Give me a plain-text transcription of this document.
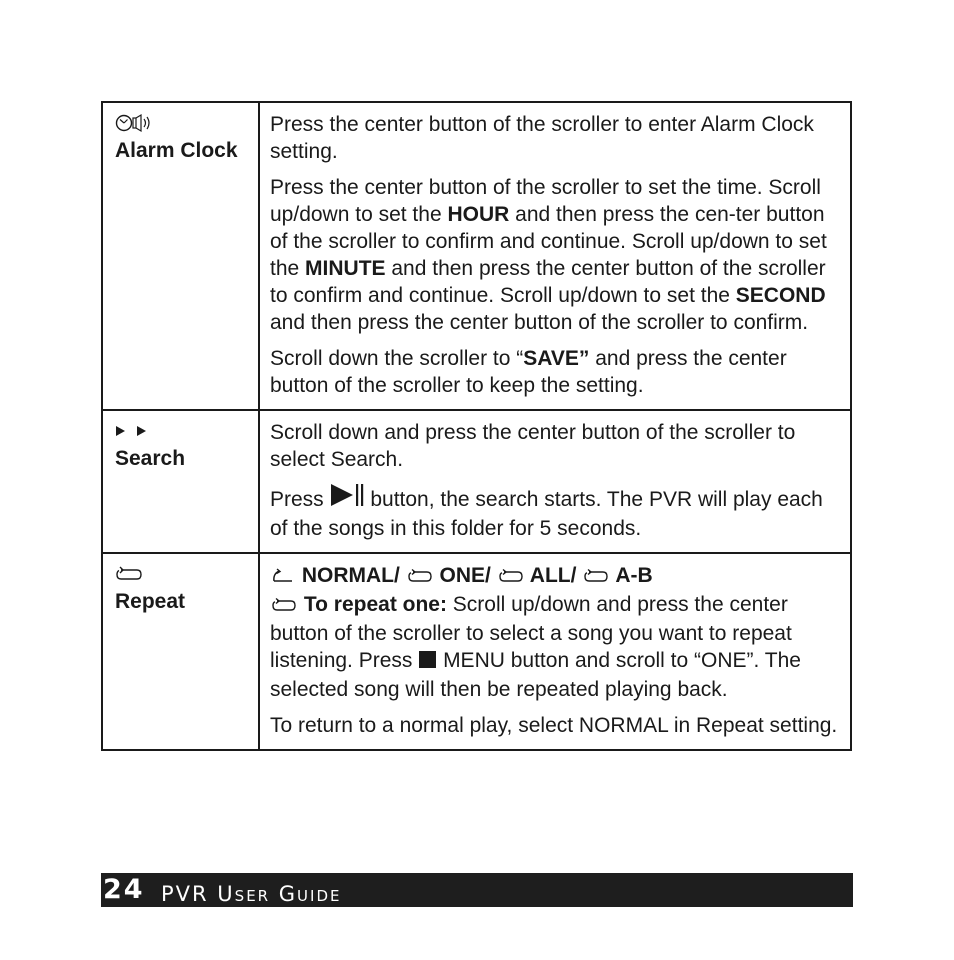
Alarm Clock	Press the center button of the scroller to enter Alarm Clock setting.

Press the center button of the scroller to set the time. Scroll up/down to set the HOUR and then press the cen-ter button of the scroller to confirm and continue. Scroll up/down to set the MINUTE and then press the center button of the scroller to confirm and continue. Scroll up/down to set the SECOND and then press the center button of the scroller to confirm.

Scroll down the scroller to “SAVE” and press the center button of the scroller to keep the setting.

Search	Scroll down and press the center button of the scroller to select Search.

Press  button, the search starts. The PVR will play each of the songs in this folder for 5 seconds.

Repeat	NORMAL/ ONE/ ALL/ A-B

To repeat one: Scroll up/down and press the center button of the scroller to select a song you want to repeat listening. Press  MENU button and scroll to “ONE”. The selected song will then be repeated playing back.

To return to a normal play, select NORMAL in Repeat setting.

24 PVR User Guide
